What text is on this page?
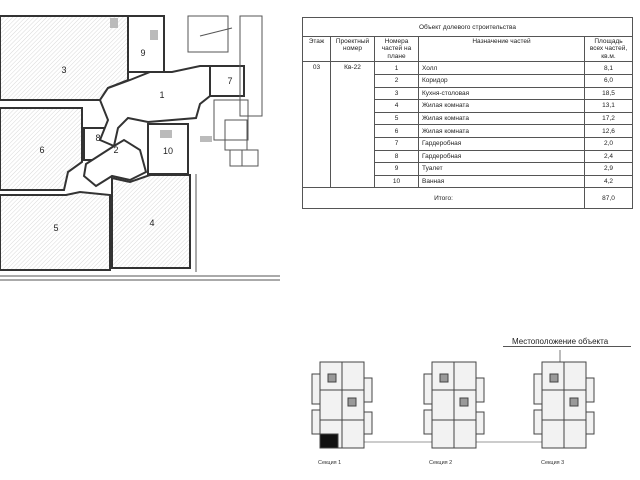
3
9
1
7
8
2	10
6
5	4
Объект долевого строительства				
Этаж	Проектный номер	Номера частей на плане	Назначение частей	Площадь всех частей, кв.м.
03	Кв-22	1	Холл	8,1
		2	Коридор	6,0
		3	Кухня-столовая	18,5
		4	Жилая комната	13,1
		5	Жилая комната	17,2
		6	Жилая комната	12,6
		7	Гардеробная	2,0
		8	Гардеробная	2,4
		9	Туалет	2,9
		10	Ванная	4,2
Итого:				87,0
Местоположение объекта
Секция 1	Секция 2	Секция 3
